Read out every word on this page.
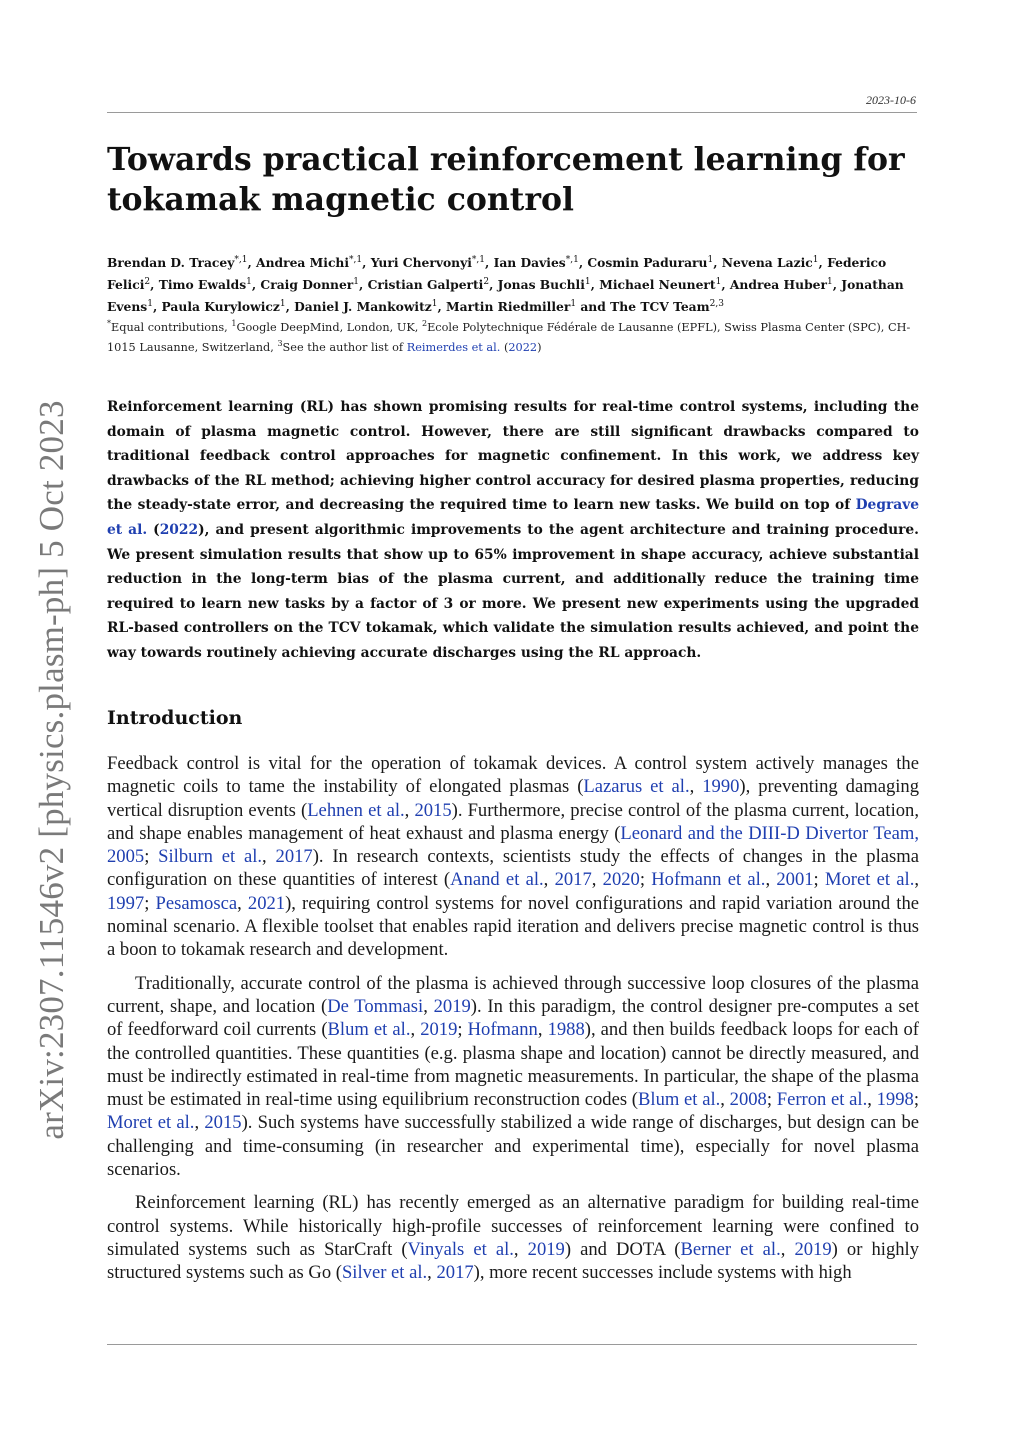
arXiv:2307.11546v2 [physics.plasm-ph] 5 Oct 2023
2023-10-6
Towards practical reinforcement learning for tokamak magnetic control
Brendan D. Tracey$^{*,1}$, Andrea Michi$^{*,1}$, Yuri Chervonyi$^{*,1}$, Ian Davies$^{*,1}$, Cosmin Paduraru$^1$, Nevena Lazic$^1$, Federico Felici$^2$, Timo Ewalds$^1$, Craig Donner$^1$, Cristian Galperti$^2$, Jonas Buchli$^1$, Michael Neunert$^1$, Andrea Huber$^1$, Jonathan Evens$^1$, Paula Kurylowicz$^1$, Daniel J. Mankowitz$^1$, Martin Riedmiller$^1$ and The TCV Team$^{2,3}$
*Equal contributions, $^1$Google DeepMind, London, UK, $^2$Ecole Polytechnique Fédérale de Lausanne (EPFL), Swiss Plasma Center (SPC), CH-1015 Lausanne, Switzerland, $^3$See the author list of Reimerdes et al. (2022)

Reinforcement learning (RL) has shown promising results for real-time control systems, including the domain of plasma magnetic control. However, there are still significant drawbacks compared to traditional feedback control approaches for magnetic confinement. In this work, we address key drawbacks of the RL method; achieving higher control accuracy for desired plasma properties, reducing the steady-state error, and decreasing the required time to learn new tasks. We build on top of Degrave et al. (2022), and present algorithmic improvements to the agent architecture and training procedure. We present simulation results that show up to 65% improvement in shape accuracy, achieve substantial reduction in the long-term bias of the plasma current, and additionally reduce the training time required to learn new tasks by a factor of 3 or more. We present new experiments using the upgraded RL-based controllers on the TCV tokamak, which validate the simulation results achieved, and point the way towards routinely achieving accurate discharges using the RL approach.

Introduction

Feedback control is vital for the operation of tokamak devices. A control system actively manages the magnetic coils to tame the instability of elongated plasmas (Lazarus et al., 1990), preventing damaging vertical disruption events (Lehnen et al., 2015). Furthermore, precise control of the plasma current, location, and shape enables management of heat exhaust and plasma energy (Leonard and the DIII-D Divertor Team, 2005; Silburn et al., 2017). In research contexts, scientists study the effects of changes in the plasma configuration on these quantities of interest (Anand et al., 2017, 2020; Hofmann et al., 2001; Moret et al., 1997; Pesamosca, 2021), requiring control systems for novel configurations and rapid variation around the nominal scenario. A flexible toolset that enables rapid iteration and delivers precise magnetic control is thus a boon to tokamak research and development.

Traditionally, accurate control of the plasma is achieved through successive loop closures of the plasma current, shape, and location (De Tommasi, 2019). In this paradigm, the control designer pre-computes a set of feedforward coil currents (Blum et al., 2019; Hofmann, 1988), and then builds feedback loops for each of the controlled quantities. These quantities (e.g. plasma shape and location) cannot be directly measured, and must be indirectly estimated in real-time from magnetic measurements. In particular, the shape of the plasma must be estimated in real-time using equilibrium reconstruction codes (Blum et al., 2008; Ferron et al., 1998; Moret et al., 2015). Such systems have successfully stabilized a wide range of discharges, but design can be challenging and time-consuming (in researcher and experimental time), especially for novel plasma scenarios.

Reinforcement learning (RL) has recently emerged as an alternative paradigm for building real-time control systems. While historically high-profile successes of reinforcement learning were confined to simulated systems such as StarCraft (Vinyals et al., 2019) and DOTA (Berner et al., 2019) or highly structured systems such as Go (Silver et al., 2017), more recent successes include systems with high
